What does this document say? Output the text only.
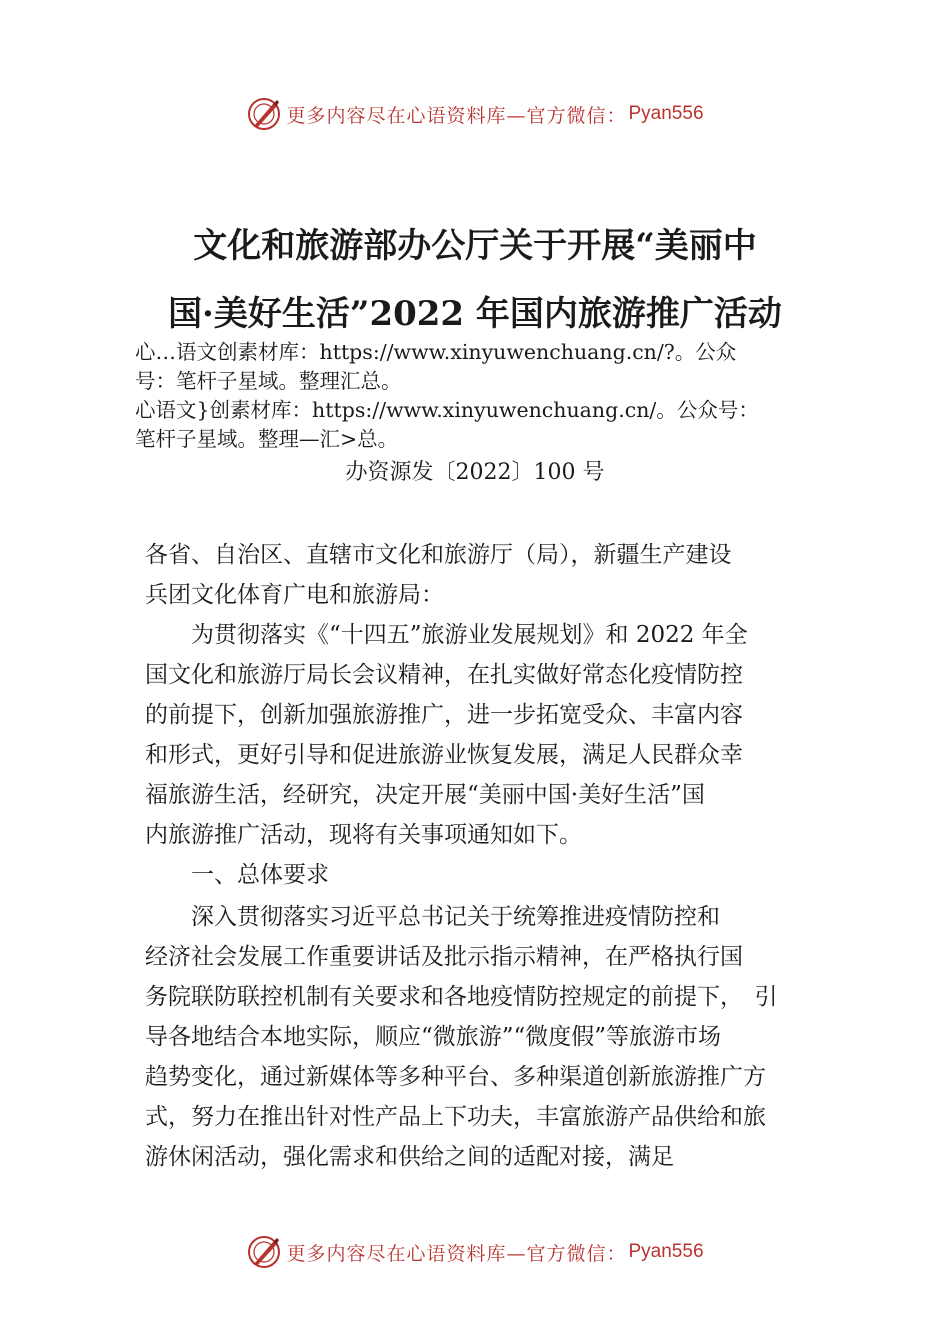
更多内容尽在心语资料库—官方微信： Pyan556
文化和旅游部办公厅关于开展“美丽中
国·美好生活”2022 年国内旅游推广活动
心…语文创素材库：https://www.xinyuwenchuang.cn/?。公众
号：笔杆子星域。整理汇总。
心语文}创素材库：https://www.xinyuwenchuang.cn/。公众号：
笔杆子星域。整理—汇>总。
办资源发〔2022〕100 号
各省、自治区、直辖市文化和旅游厅（局），新疆生产建设
兵团文化体育广电和旅游局：
　　为贯彻落实《“十四五”旅游业发展规划》和 2022 年全
国文化和旅游厅局长会议精神，在扎实做好常态化疫情防控
的前提下，创新加强旅游推广，进一步拓宽受众、丰富内容
和形式，更好引导和促进旅游业恢复发展，满足人民群众幸
福旅游生活，经研究，决定开展“美丽中国·美好生活”国
内旅游推广活动，现将有关事项通知如下。
　　一、总体要求
　　深入贯彻落实习近平总书记关于统筹推进疫情防控和
经济社会发展工作重要讲话及批示指示精神，在严格执行国
务院联防联控机制有关要求和各地疫情防控规定的前提下，　引
导各地结合本地实际，顺应“微旅游”“微度假”等旅游市场
趋势变化，通过新媒体等多种平台、多种渠道创新旅游推广方
式，努力在推出针对性产品上下功夫，丰富旅游产品供给和旅
游休闲活动，强化需求和供给之间的适配对接，满足
更多内容尽在心语资料库—官方微信： Pyan556
